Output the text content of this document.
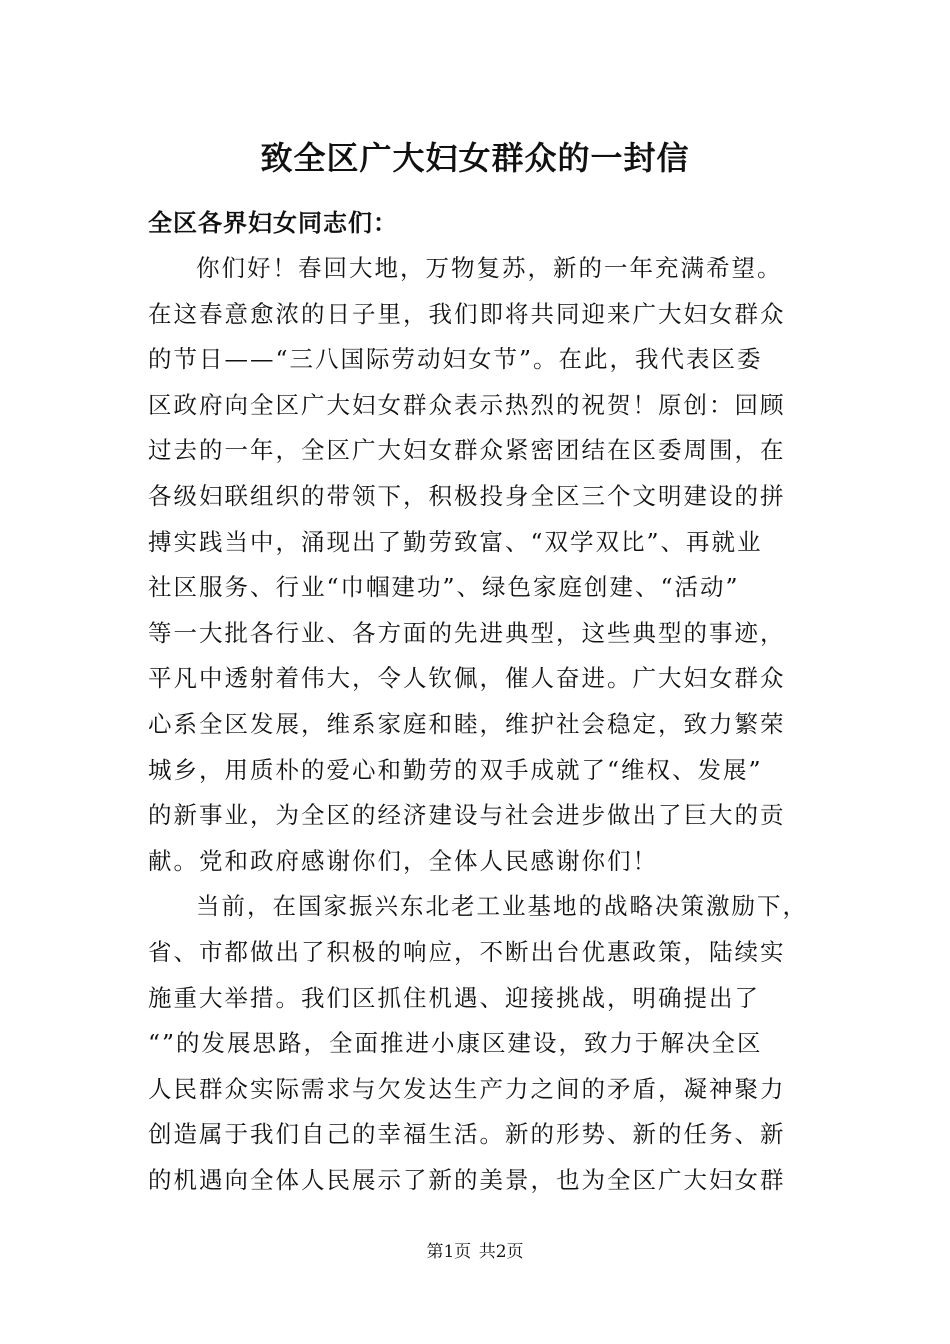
致全区广大妇女群众的一封信
全区各界妇女同志们：
你们好！春回大地，万物复苏，新的一年充满希望。
在这春意愈浓的日子里，我们即将共同迎来广大妇女群众
的节日——“三八国际劳动妇女节”。在此，我代表区委
区政府向全区广大妇女群众表示热烈的祝贺！原创：回顾
过去的一年，全区广大妇女群众紧密团结在区委周围，在
各级妇联组织的带领下，积极投身全区三个文明建设的拼
搏实践当中，涌现出了勤劳致富、“双学双比”、再就业
社区服务、行业“巾帼建功”、绿色家庭创建、“活动”
等一大批各行业、各方面的先进典型，这些典型的事迹，
平凡中透射着伟大，令人钦佩，催人奋进。广大妇女群众
心系全区发展，维系家庭和睦，维护社会稳定，致力繁荣
城乡，用质朴的爱心和勤劳的双手成就了“维权、发展”
的新事业，为全区的经济建设与社会进步做出了巨大的贡
献。党和政府感谢你们，全体人民感谢你们！
当前，在国家振兴东北老工业基地的战略决策激励下，
省、市都做出了积极的响应，不断出台优惠政策，陆续实
施重大举措。我们区抓住机遇、迎接挑战，明确提出了
“”的发展思路，全面推进小康区建设，致力于解决全区
人民群众实际需求与欠发达生产力之间的矛盾，凝神聚力
创造属于我们自己的幸福生活。新的形势、新的任务、新
的机遇向全体人民展示了新的美景，也为全区广大妇女群
第1页 共2页
